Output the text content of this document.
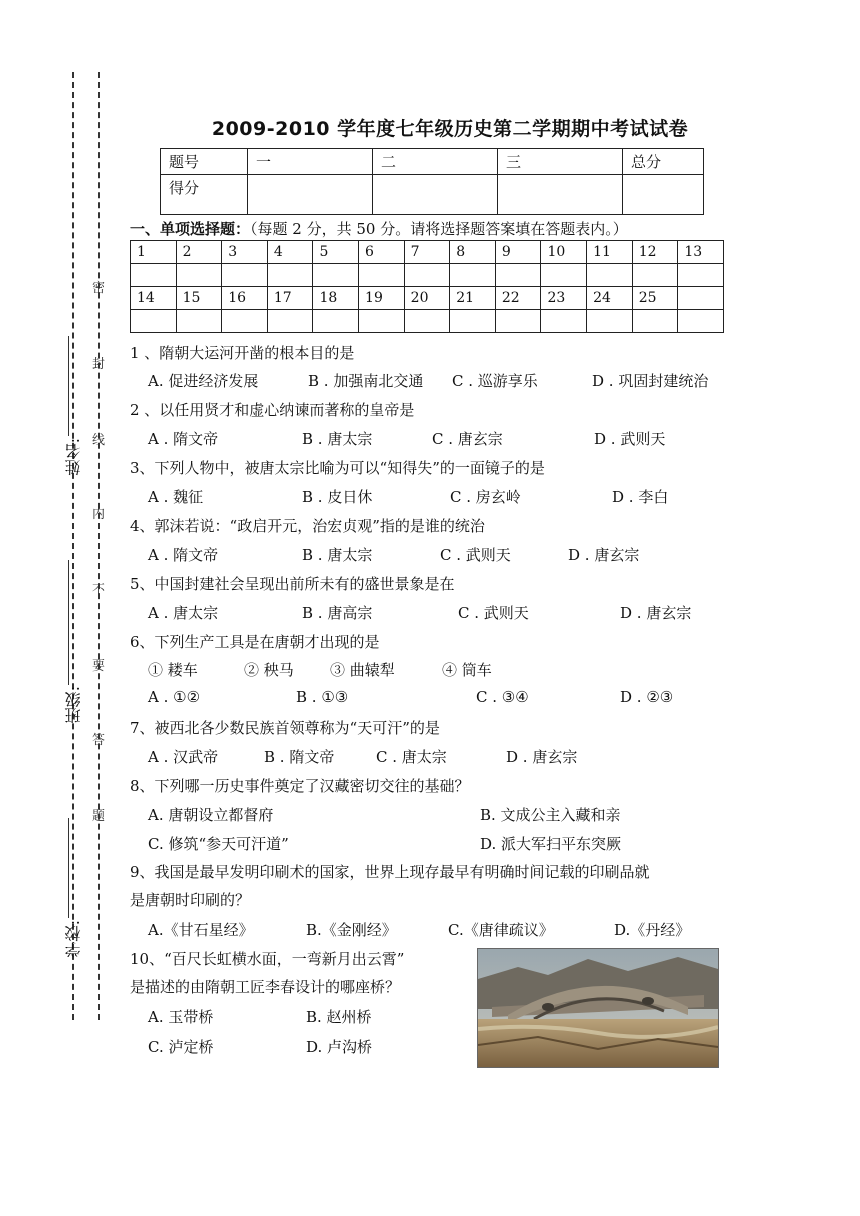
密
封
线
内
不
要
答
题
姓名:
班级:
学校:
2009-2010 学年度七年级历史第二学期期中考试试卷
题号	一	二	三	总分
得分				
一、单项选择题：（每题 2 分，共 50 分。请将选择题答案填在答题表内。）
1	2	3	4	5	6	7	8	9	10	11	12	13

14	15	16	17	18	19	20	21	22	23	24	25	

1 、隋朝大运河开凿的根本目的是
A. 促进经济发展	B . 加强南北交通 C . 巡游享乐	D . 巩固封建统治
2 、以任用贤才和虚心纳谏而著称的皇帝是
A . 隋文帝	B . 唐太宗	C . 唐玄宗	D . 武则天
3、下列人物中，被唐太宗比喻为可以“知得失”的一面镜子的是
A . 魏征	B . 皮日休	C . 房玄岭	D . 李白
4、郭沫若说：“政启开元，治宏贞观”指的是谁的统治
A . 隋文帝	B . 唐太宗	C . 武则天	D . 唐玄宗
5、中国封建社会呈现出前所未有的盛世景象是在
A . 唐太宗	B . 唐高宗	C . 武则天	D . 唐玄宗
6、下列生产工具是在唐朝才出现的是
① 耧车	② 秧马 ③ 曲辕犁	④ 筒车
A . ①②	B . ①③	C . ③④	D . ②③
7、被西北各少数民族首领尊称为“天可汗”的是
A . 汉武帝	B . 隋文帝	C . 唐太宗	D . 唐玄宗
8、下列哪一历史事件奠定了汉藏密切交往的基础？
A. 唐朝设立都督府	B. 文成公主入藏和亲
C. 修筑“参天可汗道”	D. 派大军扫平东突厥
9、我国是最早发明印刷术的国家，世界上现存最早有明确时间记载的印刷品就
是唐朝时印刷的？
A.《甘石星经》	B.《金刚经》	C.《唐律疏议》	D.《丹经》
10、“百尺长虹横水面，一弯新月出云霄”
是描述的由隋朝工匠李春设计的哪座桥？
A. 玉带桥	B. 赵州桥
C. 泸定桥	D. 卢沟桥
